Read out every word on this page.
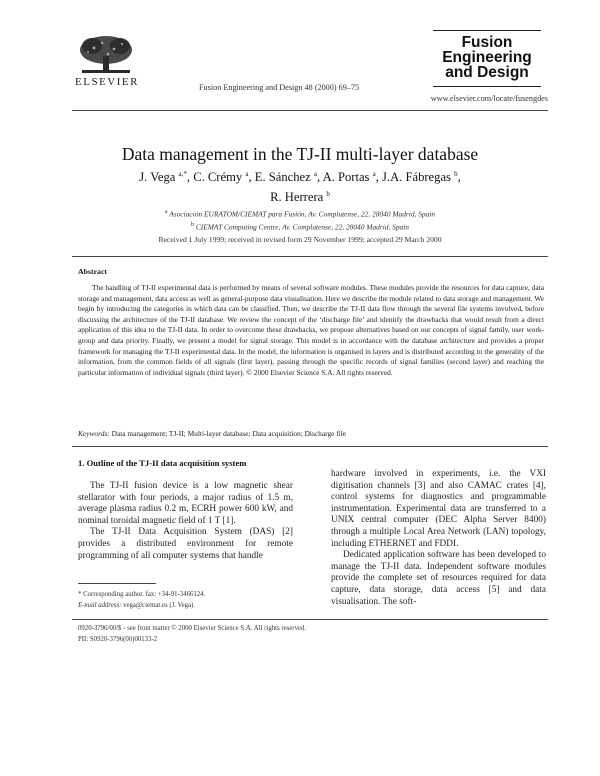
ELSEVIER	Fusion Engineering and Design 48 (2000) 69–75
Fusion
Engineering
and Design
www.elsevier.com/locate/fusengdes
Data management in the TJ-II multi-layer database
J. Vega $^{a,*}$, C. Crémy $^a$, E. Sánchez $^a$, A. Portas $^a$, J.A. Fábregas $^b$,
R. Herrera $^b$
$^a$ Asociación EURATOM/CIEMAT para Fusión, Av. Complutense, 22, 28040 Madrid, Spain
$^b$ CIEMAT Computing Centre, Av. Complutense, 22, 28040 Madrid, Spain
Received 1 July 1999; received in revised form 29 November 1999; accepted 29 March 2000
Abstract

The handling of TJ-II experimental data is performed by means of several software modules. These modules provide the resources for data capture, data storage and management, data access as well as general-purpose data visualisation. Here we describe the module related to data storage and management. We begin by introducing the categories in which data can be classified. Then, we describe the TJ-II data flow through the several file systems involved, before discussing the architecture of the TJ-II database. We review the concept of the ‘discharge file’ and identify the drawbacks that would result from a direct application of this idea to the TJ-II data. In order to overcome these drawbacks, we propose alternatives based on our concepts of signal family, user work-group and data priority. Finally, we present a model for signal storage. This model is in accordance with the database architecture and provides a proper framework for managing the TJ-II experimental data. In the model, the information is organised in layers and is distributed according to the generality of the information, from the common fields of all signals (first layer), passing through the specific records of signal families (second layer) and reaching the particular information of individual signals (third layer). © 2000 Elsevier Science S.A. All rights reserved.

Keywords: Data management; TJ-II; Multi-layer database; Data acquisition; Discharge file
1. Outline of the TJ-II data acquisition system

The TJ-II fusion device is a low magnetic shear stellarator with four periods, a major radius of 1.5 m, average plasma radius 0.2 m, ECRH power 600 kW, and nominal toroidal magnetic field of 1 T [1].

The TJ-II Data Acquisition System (DAS) [2] provides a distributed environment for remote programming of all computer systems that handle

hardware involved in experiments, i.e. the VXI digitisation channels [3] and also CAMAC crates [4], control systems for diagnostics and programmable instrumentation. Experimental data are transferred to a UNIX central computer (DEC Alpha Server 8400) through a multiple Local Area Network (LAN) topology, including ETHERNET and FDDI.

Dedicated application software has been developed to manage the TJ-II data. Independent software modules provide the complete set of resources required for data capture, data storage, data access [5] and data visualisation. The soft-

* Corresponding author. fax: +34-91-3466124.
E-mail address: vega@ciemat.es (J. Vega).
0920-3796/00/$ - see front matter © 2000 Elsevier Science S.A. All rights reserved.
PII: S0920-3796(00)00133-2
